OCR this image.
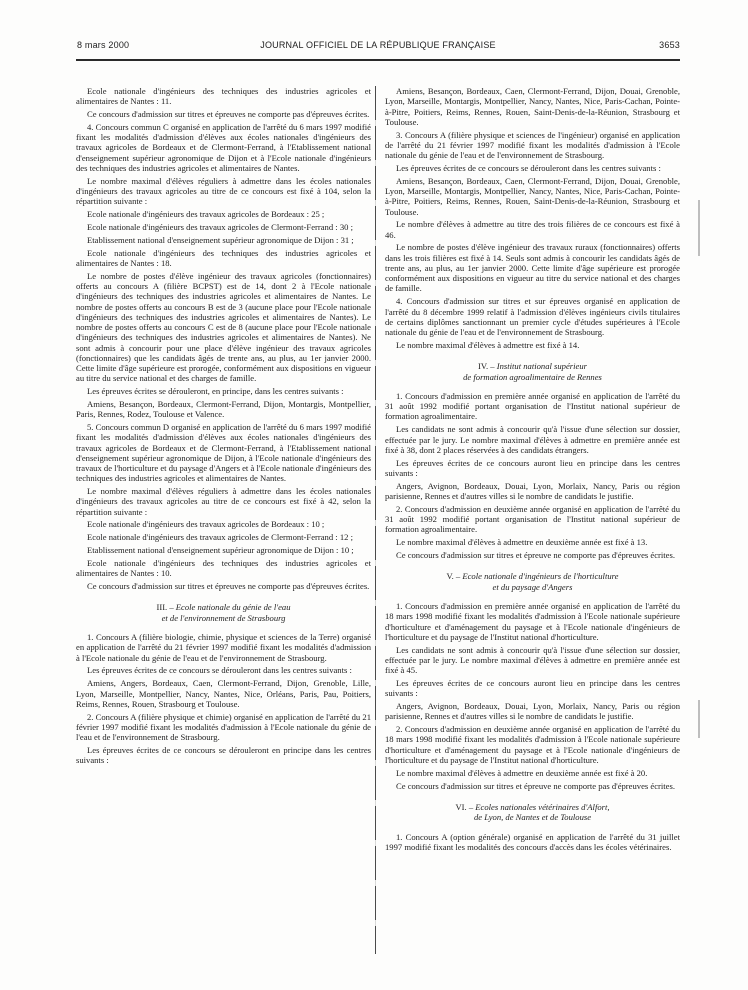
8 mars 2000	JOURNAL OFFICIEL DE LA RÉPUBLIQUE FRANÇAISE	3653

Ecole nationale d'ingénieurs des techniques des industries agricoles et alimentaires de Nantes : 11.

Ce concours d'admission sur titres et épreuves ne comporte pas d'épreuves écrites.

4. Concours commun C organisé en application de l'arrêté du 6 mars 1997 modifié fixant les modalités d'admission d'élèves aux écoles nationales d'ingénieurs des travaux agricoles de Bordeaux et de Clermont-Ferrand, à l'Etablissement national d'enseignement supérieur agronomique de Dijon et à l'Ecole nationale d'ingénieurs des techniques des industries agricoles et alimentaires de Nantes.

Le nombre maximal d'élèves réguliers à admettre dans les écoles nationales d'ingénieurs des travaux agricoles au titre de ce concours est fixé à 104, selon la répartition suivante :

Ecole nationale d'ingénieurs des travaux agricoles de Bordeaux : 25 ;

Ecole nationale d'ingénieurs des travaux agricoles de Clermont-Ferrand : 30 ;

Etablissement national d'enseignement supérieur agronomique de Dijon : 31 ;

Ecole nationale d'ingénieurs des techniques des industries agricoles et alimentaires de Nantes : 18.

Le nombre de postes d'élève ingénieur des travaux agricoles (fonctionnaires) offerts au concours A (filière BCPST) est de 14, dont 2 à l'Ecole nationale d'ingénieurs des techniques des industries agricoles et alimentaires de Nantes. Le nombre de postes offerts au concours B est de 3 (aucune place pour l'Ecole nationale d'ingénieurs des techniques des industries agricoles et alimentaires de Nantes). Le nombre de postes offerts au concours C est de 8 (aucune place pour l'Ecole nationale d'ingénieurs des techniques des industries agricoles et alimentaires de Nantes). Ne sont admis à concourir pour une place d'élève ingénieur des travaux agricoles (fonctionnaires) que les candidats âgés de trente ans, au plus, au 1er janvier 2000. Cette limite d'âge supérieure est prorogée, conformément aux dispositions en vigueur au titre du service national et des charges de famille.

Les épreuves écrites se dérouleront, en principe, dans les centres suivants :

Amiens, Besançon, Bordeaux, Clermont-Ferrand, Dijon, Montargis, Montpellier, Paris, Rennes, Rodez, Toulouse et Valence.

5. Concours commun D organisé en application de l'arrêté du 6 mars 1997 modifié fixant les modalités d'admission d'élèves aux écoles nationales d'ingénieurs des travaux agricoles de Bordeaux et de Clermont-Ferrand, à l'Etablissement national d'enseignement supérieur agronomique de Dijon, à l'Ecole nationale d'ingénieurs des travaux de l'horticulture et du paysage d'Angers et à l'Ecole nationale d'ingénieurs des techniques des industries agricoles et alimentaires de Nantes.

Le nombre maximal d'élèves réguliers à admettre dans les écoles nationales d'ingénieurs des travaux agricoles au titre de ce concours est fixé à 42, selon la répartition suivante :

Ecole nationale d'ingénieurs des travaux agricoles de Bordeaux : 10 ;

Ecole nationale d'ingénieurs des travaux agricoles de Clermont-Ferrand : 12 ;

Etablissement national d'enseignement supérieur agronomique de Dijon : 10 ;

Ecole nationale d'ingénieurs des techniques des industries agricoles et alimentaires de Nantes : 10.

Ce concours d'admission sur titres et épreuves ne comporte pas d'épreuves écrites.

III. – Ecole nationale du génie de l'eau
et de l'environnement de Strasbourg

1. Concours A (filière biologie, chimie, physique et sciences de la Terre) organisé en application de l'arrêté du 21 février 1997 modifié fixant les modalités d'admission à l'Ecole nationale du génie de l'eau et de l'environnement de Strasbourg.

Les épreuves écrites de ce concours se dérouleront dans les centres suivants :

Amiens, Angers, Bordeaux, Caen, Clermont-Ferrand, Dijon, Grenoble, Lille, Lyon, Marseille, Montpellier, Nancy, Nantes, Nice, Orléans, Paris, Pau, Poitiers, Reims, Rennes, Rouen, Strasbourg et Toulouse.

2. Concours A (filière physique et chimie) organisé en application de l'arrêté du 21 février 1997 modifié fixant les modalités d'admission à l'Ecole nationale du génie de l'eau et de l'environnement de Strasbourg.

Les épreuves écrites de ce concours se dérouleront en principe dans les centres suivants :

Amiens, Besançon, Bordeaux, Caen, Clermont-Ferrand, Dijon, Douai, Grenoble, Lyon, Marseille, Montargis, Montpellier, Nancy, Nantes, Nice, Paris-Cachan, Pointe-à-Pitre, Poitiers, Reims, Rennes, Rouen, Saint-Denis-de-la-Réunion, Strasbourg et Toulouse.

3. Concours A (filière physique et sciences de l'ingénieur) organisé en application de l'arrêté du 21 février 1997 modifié fixant les modalités d'admission à l'Ecole nationale du génie de l'eau et de l'environnement de Strasbourg.

Les épreuves écrites de ce concours se dérouleront dans les centres suivants :

Amiens, Besançon, Bordeaux, Caen, Clermont-Ferrand, Dijon, Douai, Grenoble, Lyon, Marseille, Montargis, Montpellier, Nancy, Nantes, Nice, Paris-Cachan, Pointe-à-Pitre, Poitiers, Reims, Rennes, Rouen, Saint-Denis-de-la-Réunion, Strasbourg et Toulouse.

Le nombre d'élèves à admettre au titre des trois filières de ce concours est fixé à 46.

Le nombre de postes d'élève ingénieur des travaux ruraux (fonctionnaires) offerts dans les trois filières est fixé à 14. Seuls sont admis à concourir les candidats âgés de trente ans, au plus, au 1er janvier 2000. Cette limite d'âge supérieure est prorogée conformément aux dispositions en vigueur au titre du service national et des charges de famille.

4. Concours d'admission sur titres et sur épreuves organisé en application de l'arrêté du 8 décembre 1999 relatif à l'admission d'élèves ingénieurs civils titulaires de certains diplômes sanctionnant un premier cycle d'études supérieures à l'Ecole nationale du génie de l'eau et de l'environnement de Strasbourg.

Le nombre maximal d'élèves à admettre est fixé à 14.

IV. – Institut national supérieur
de formation agroalimentaire de Rennes

1. Concours d'admission en première année organisé en application de l'arrêté du 31 août 1992 modifié portant organisation de l'Institut national supérieur de formation agroalimentaire.

Les candidats ne sont admis à concourir qu'à l'issue d'une sélection sur dossier, effectuée par le jury. Le nombre maximal d'élèves à admettre en première année est fixé à 38, dont 2 places réservées à des candidats étrangers.

Les épreuves écrites de ce concours auront lieu en principe dans les centres suivants :

Angers, Avignon, Bordeaux, Douai, Lyon, Morlaix, Nancy, Paris ou région parisienne, Rennes et d'autres villes si le nombre de candidats le justifie.

2. Concours d'admission en deuxième année organisé en application de l'arrêté du 31 août 1992 modifié portant organisation de l'Institut national supérieur de formation agroalimentaire.

Le nombre maximal d'élèves à admettre en deuxième année est fixé à 13.

Ce concours d'admission sur titres et épreuve ne comporte pas d'épreuves écrites.

V. – Ecole nationale d'ingénieurs de l'horticulture
et du paysage d'Angers

1. Concours d'admission en première année organisé en application de l'arrêté du 18 mars 1998 modifié fixant les modalités d'admission à l'Ecole nationale supérieure d'horticulture et d'aménagement du paysage et à l'Ecole nationale d'ingénieurs de l'horticulture et du paysage de l'Institut national d'horticulture.

Les candidats ne sont admis à concourir qu'à l'issue d'une sélection sur dossier, effectuée par le jury. Le nombre maximal d'élèves à admettre en première année est fixé à 45.

Les épreuves écrites de ce concours auront lieu en principe dans les centres suivants :

Angers, Avignon, Bordeaux, Douai, Lyon, Morlaix, Nancy, Paris ou région parisienne, Rennes et d'autres villes si le nombre de candidats le justifie.

2. Concours d'admission en deuxième année organisé en application de l'arrêté du 18 mars 1998 modifié fixant les modalités d'admission à l'Ecole nationale supérieure d'horticulture et d'aménagement du paysage et à l'Ecole nationale d'ingénieurs de l'horticulture et du paysage de l'Institut national d'horticulture.

Le nombre maximal d'élèves à admettre en deuxième année est fixé à 20.

Ce concours d'admission sur titres et épreuve ne comporte pas d'épreuves écrites.

VI. – Ecoles nationales vétérinaires d'Alfort,
de Lyon, de Nantes et de Toulouse

1. Concours A (option générale) organisé en application de l'arrêté du 31 juillet 1997 modifié fixant les modalités des concours d'accès dans les écoles vétérinaires.
